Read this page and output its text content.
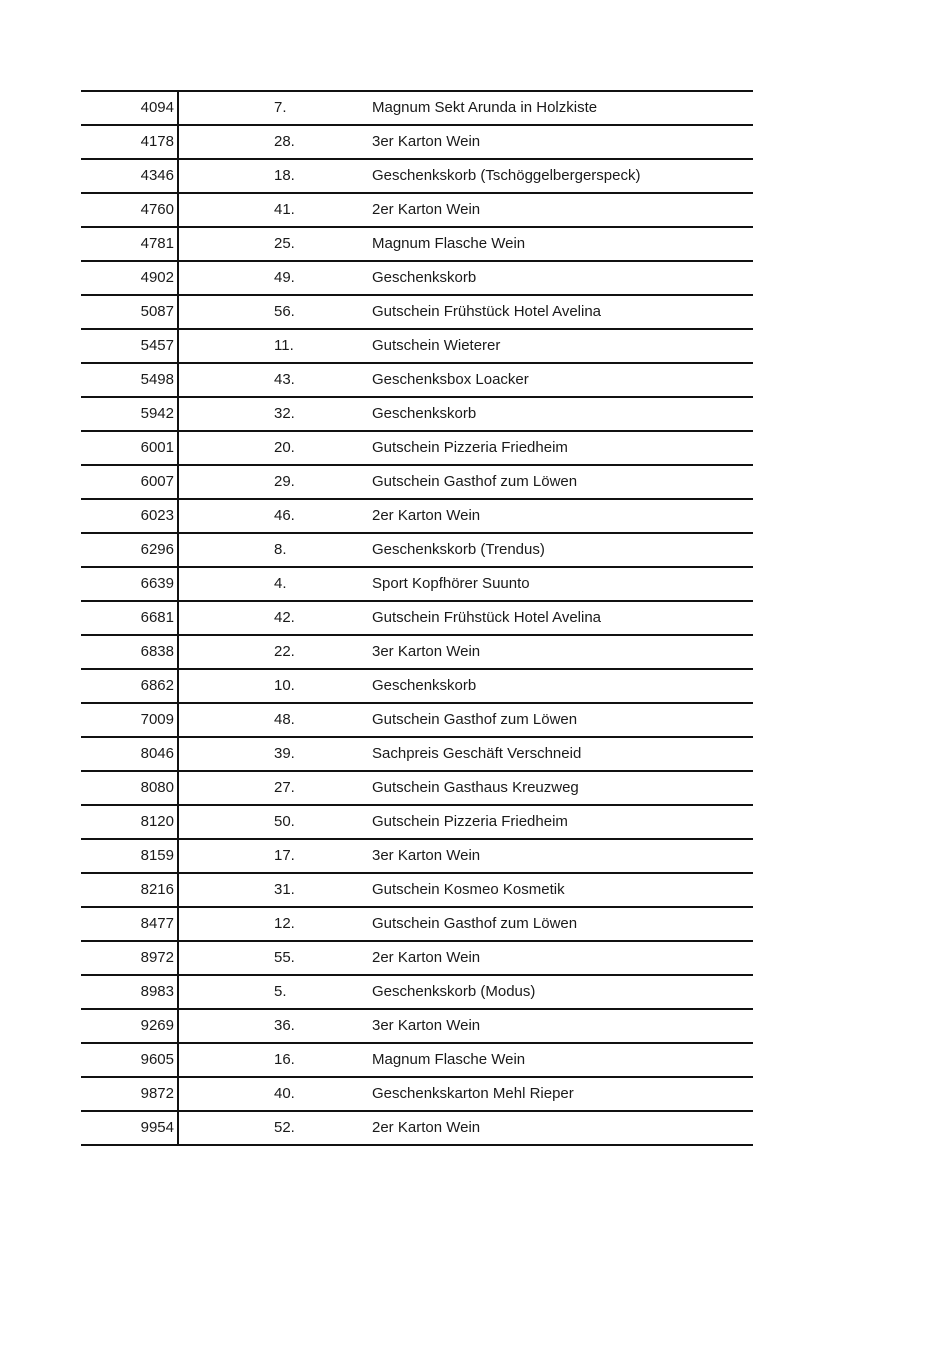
4094	7.	Magnum Sekt Arunda in Holzkiste
4178	28.	3er Karton Wein
4346	18.	Geschenkskorb (Tschöggelbergerspeck)
4760	41.	2er Karton Wein
4781	25.	Magnum Flasche Wein
4902	49.	Geschenkskorb
5087	56.	Gutschein Frühstück Hotel Avelina
5457	11.	Gutschein Wieterer
5498	43.	Geschenksbox Loacker
5942	32.	Geschenkskorb
6001	20.	Gutschein Pizzeria Friedheim
6007	29.	Gutschein Gasthof zum Löwen
6023	46.	2er Karton Wein
6296	8.	Geschenkskorb (Trendus)
6639	4.	Sport Kopfhörer Suunto
6681	42.	Gutschein Frühstück Hotel Avelina
6838	22.	3er Karton Wein
6862	10.	Geschenkskorb
7009	48.	Gutschein Gasthof zum Löwen
8046	39.	Sachpreis Geschäft Verschneid
8080	27.	Gutschein Gasthaus Kreuzweg
8120	50.	Gutschein Pizzeria Friedheim
8159	17.	3er Karton Wein
8216	31.	Gutschein Kosmeo Kosmetik
8477	12.	Gutschein Gasthof zum Löwen
8972	55.	2er Karton Wein
8983	5.	Geschenkskorb (Modus)
9269	36.	3er Karton Wein
9605	16.	Magnum Flasche Wein
9872	40.	Geschenkskarton Mehl Rieper
9954	52.	2er Karton Wein
